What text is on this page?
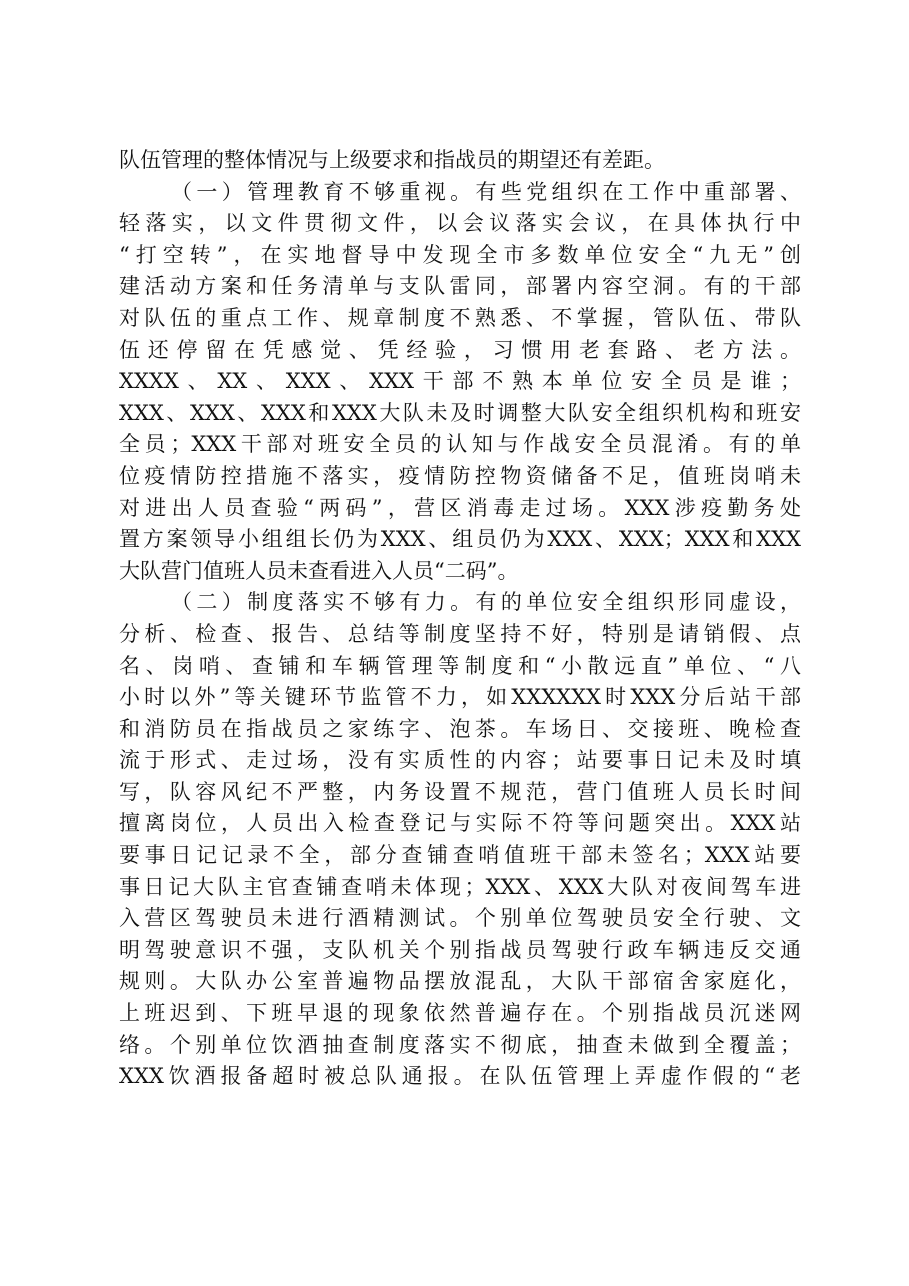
队伍管理的整体情况与上级要求和指战员的期望还有差距。
（一）管理教育不够重视。有些党组织在工作中重部署、
轻落实，以文件贯彻文件，以会议落实会议，在具体执行中
“打空转”，在实地督导中发现全市多数单位安全“九无”创
建活动方案和任务清单与支队雷同，部署内容空洞。有的干部
对队伍的重点工作、规章制度不熟悉、不掌握，管队伍、带队
伍还停留在凭感觉、凭经验，习惯用老套路、老方法。
XXXX、XX、XXX、XXX干部不熟本单位安全员是谁；
XXX、XXX、XXX和XXX大队未及时调整大队安全组织机构和班安
全员；XXX干部对班安全员的认知与作战安全员混淆。有的单
位疫情防控措施不落实，疫情防控物资储备不足，值班岗哨未
对进出人员查验“两码”，营区消毒走过场。XXX涉疫勤务处
置方案领导小组组长仍为XXX、组员仍为XXX、XXX；XXX和XXX
大队营门值班人员未查看进入人员“二码”。
（二）制度落实不够有力。有的单位安全组织形同虚设，
分析、检查、报告、总结等制度坚持不好，特别是请销假、点
名、岗哨、查铺和车辆管理等制度和“小散远直”单位、“八
小时以外”等关键环节监管不力，如XXXXXX时XXX分后站干部
和消防员在指战员之家练字、泡茶。车场日、交接班、晚检查
流于形式、走过场，没有实质性的内容；站要事日记未及时填
写，队容风纪不严整，内务设置不规范，营门值班人员长时间
擅离岗位，人员出入检查登记与实际不符等问题突出。XXX站
要事日记记录不全，部分查铺查哨值班干部未签名；XXX站要
事日记大队主官查铺查哨未体现；XXX、XXX大队对夜间驾车进
入营区驾驶员未进行酒精测试。个别单位驾驶员安全行驶、文
明驾驶意识不强，支队机关个别指战员驾驶行政车辆违反交通
规则。大队办公室普遍物品摆放混乱，大队干部宿舍家庭化，
上班迟到、下班早退的现象依然普遍存在。个别指战员沉迷网
络。个别单位饮酒抽查制度落实不彻底，抽查未做到全覆盖；
XXX饮酒报备超时被总队通报。在队伍管理上弄虚作假的“老
